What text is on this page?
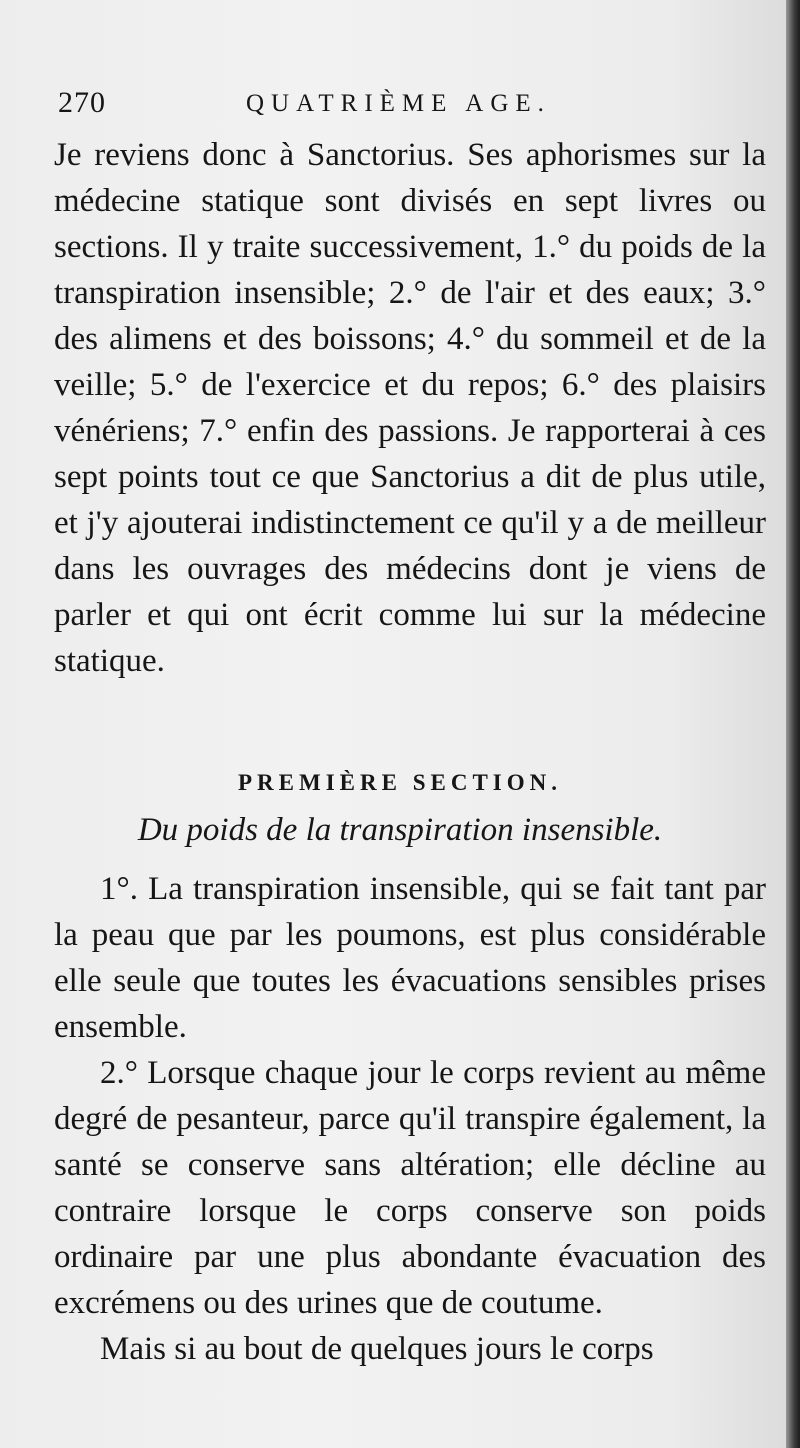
270	QUATRIÈME AGE.

Je reviens donc à Sanctorius. Ses aphorismes sur la médecine statique sont divisés en sept livres ou sections. Il y traite successivement, 1.° du poids de la transpiration insensible; 2.° de l'air et des eaux; 3.° des alimens et des boissons; 4.° du sommeil et de la veille; 5.° de l'exercice et du repos; 6.° des plaisirs vénériens; 7.° enfin des passions. Je rapporterai à ces sept points tout ce que Sanctorius a dit de plus utile, et j'y ajouterai indistinctement ce qu'il y a de meilleur dans les ouvrages des médecins dont je viens de parler et qui ont écrit comme lui sur la médecine statique.

PREMIÈRE SECTION.
Du poids de la transpiration insensible.

1°. La transpiration insensible, qui se fait tant par la peau que par les poumons, est plus considérable elle seule que toutes les évacuations sensibles prises ensemble.

2.° Lorsque chaque jour le corps revient au même degré de pesanteur, parce qu'il transpire également, la santé se conserve sans altération; elle décline au contraire lorsque le corps conserve son poids ordinaire par une plus abondante évacuation des excrémens ou des urines que de coutume.

Mais si au bout de quelques jours le corps
